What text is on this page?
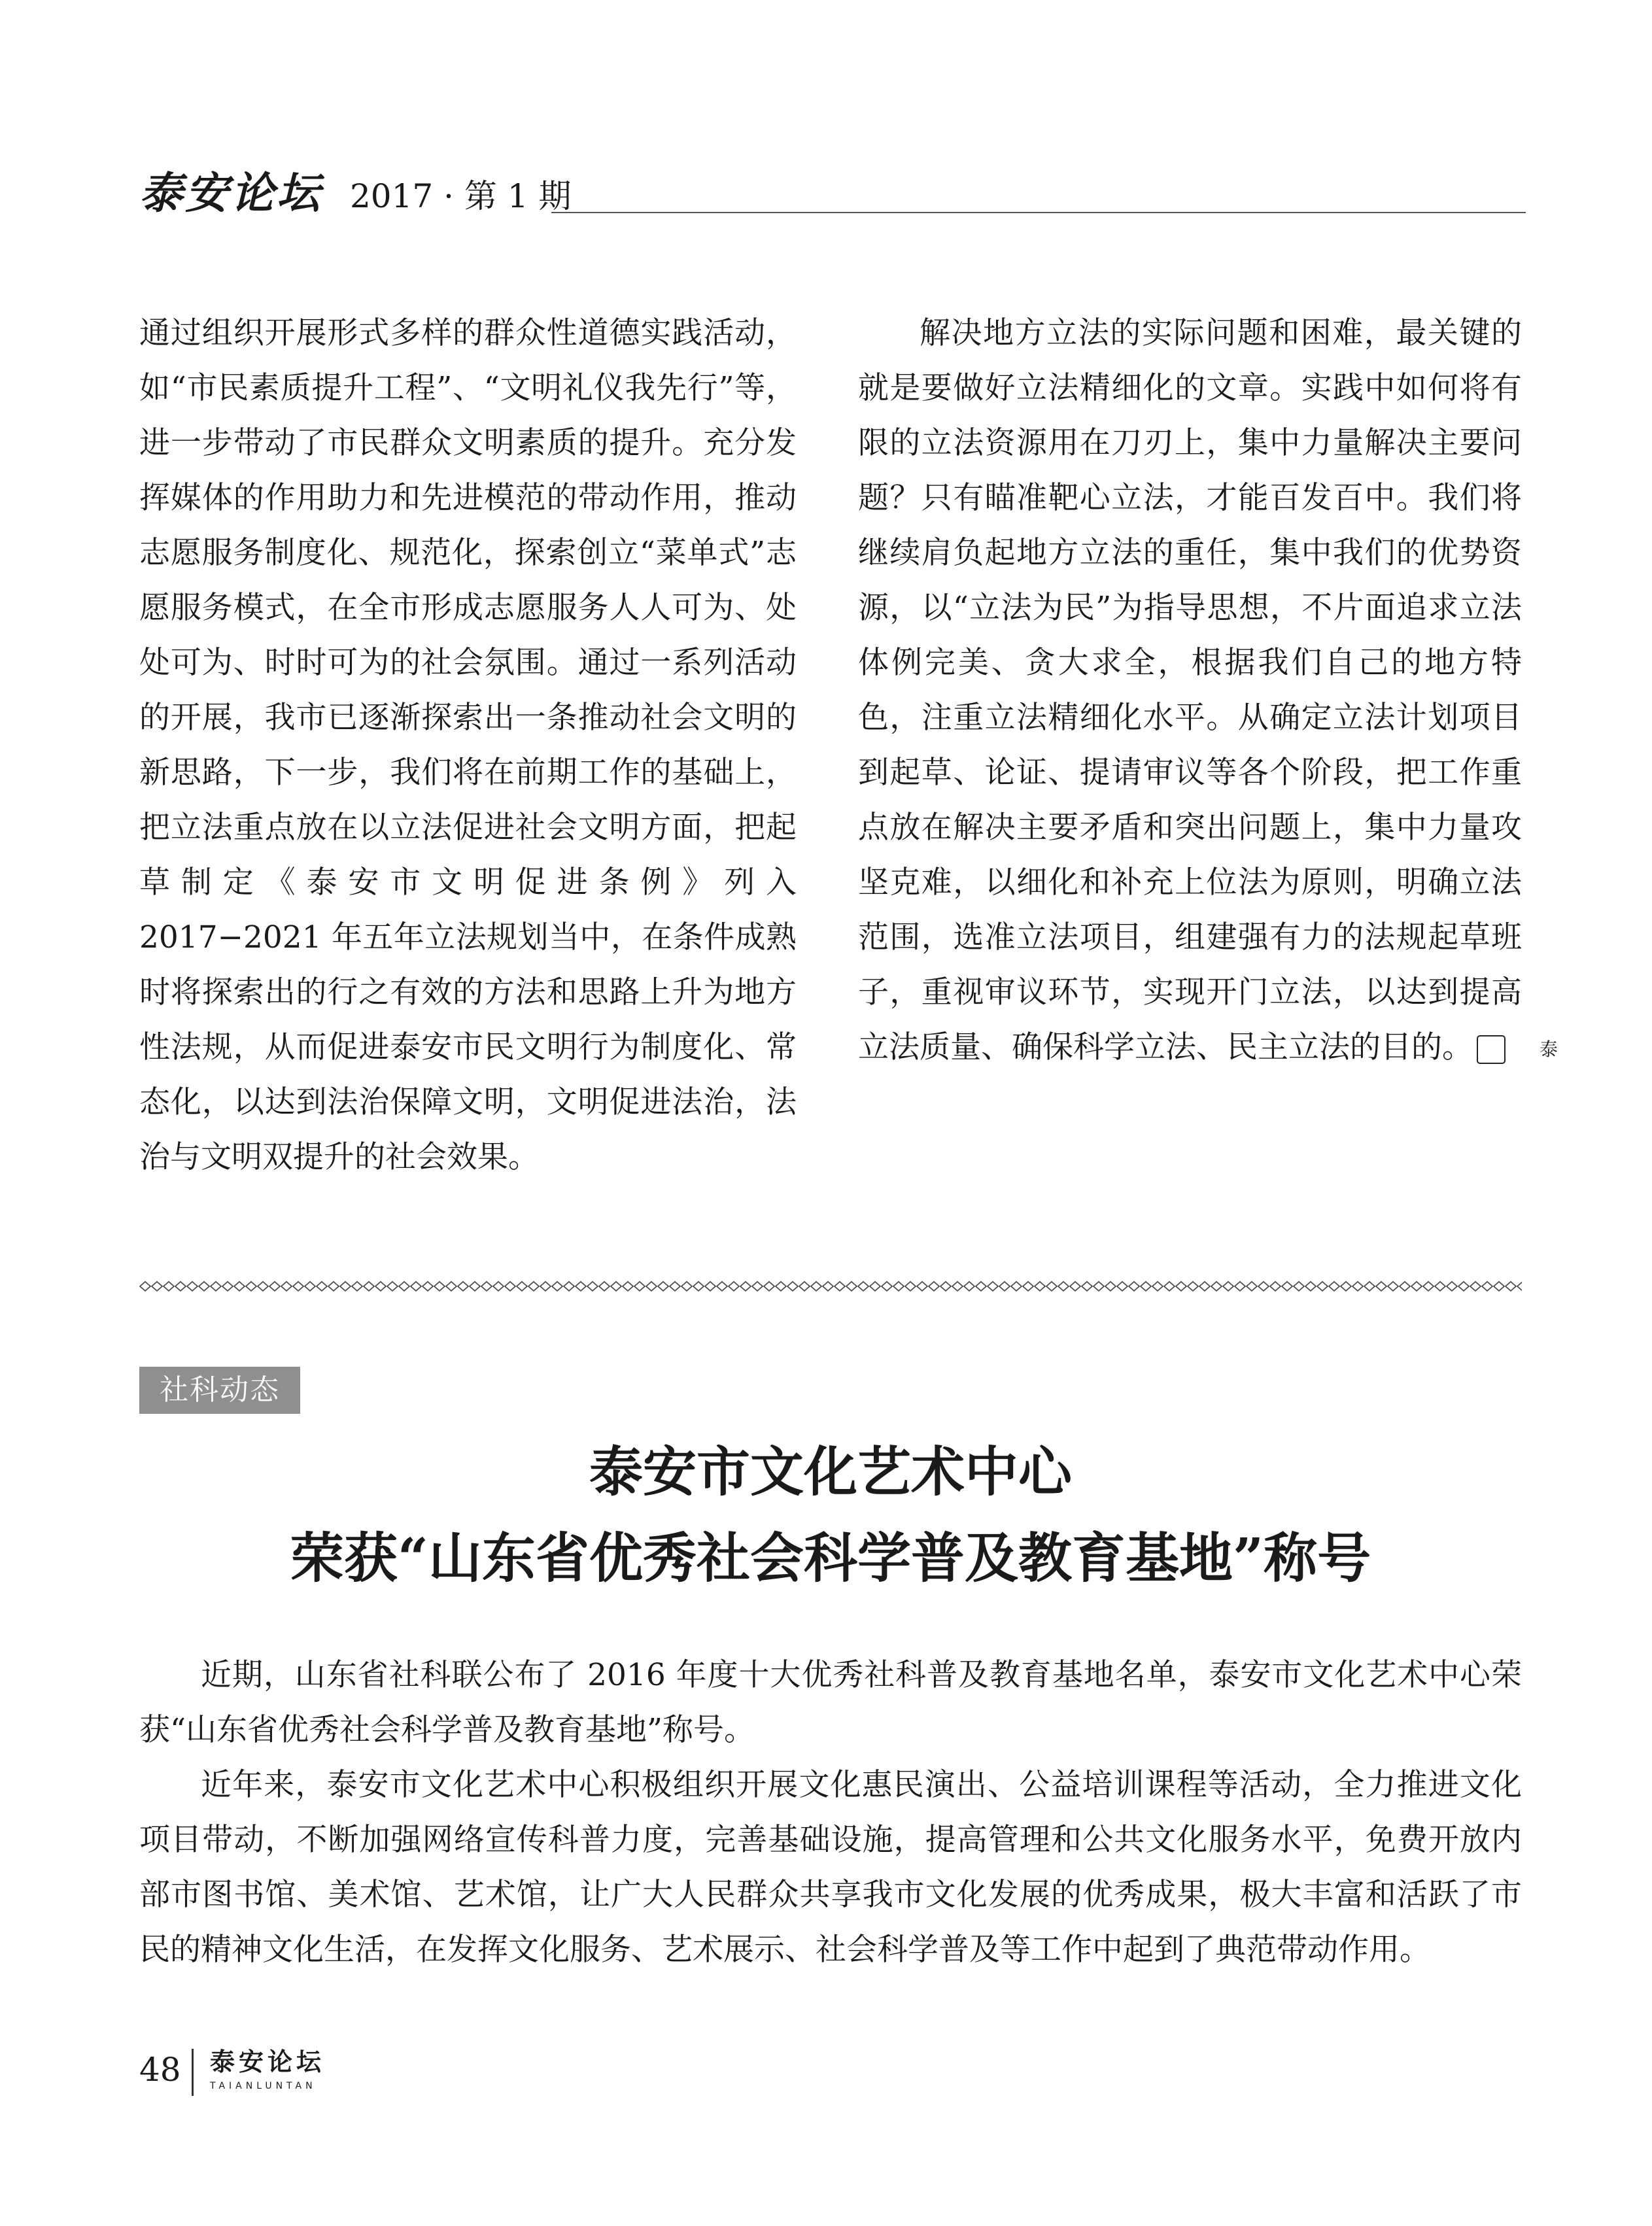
泰安论坛 2017 · 第 1 期

通过组织开展形式多样的群众性道德实践活动，如“市民素质提升工程”、“文明礼仪我先行”等，进一步带动了市民群众文明素质的提升。充分发挥媒体的作用助力和先进模范的带动作用，推动志愿服务制度化、规范化，探索创立“菜单式”志愿服务模式，在全市形成志愿服务人人可为、处处可为、时时可为的社会氛围。通过一系列活动的开展，我市已逐渐探索出一条推动社会文明的新思路，下一步，我们将在前期工作的基础上，把立法重点放在以立法促进社会文明方面，把起草制定《泰安市文明促进条例》列入 2017−2021 年五年立法规划当中，在条件成熟时将探索出的行之有效的方法和思路上升为地方性法规，从而促进泰安市民文明行为制度化、常态化，以达到法治保障文明，文明促进法治，法治与文明双提升的社会效果。

解决地方立法的实际问题和困难，最关键的就是要做好立法精细化的文章。实践中如何将有限的立法资源用在刀刃上，集中力量解决主要问题？只有瞄准靶心立法，才能百发百中。我们将继续肩负起地方立法的重任，集中我们的优势资源，以“立法为民”为指导思想，不片面追求立法体例完美、贪大求全，根据我们自己的地方特色，注重立法精细化水平。从确定立法计划项目到起草、论证、提请审议等各个阶段，把工作重点放在解决主要矛盾和突出问题上，集中力量攻坚克难，以细化和补充上位法为原则，明确立法范围，选准立法项目，组建强有力的法规起草班子，重视审议环节，实现开门立法，以达到提高立法质量、确保科学立法、民主立法的目的。	泰

社科动态
泰安市文化艺术中心
荣获“山东省优秀社会科学普及教育基地”称号

近期，山东省社科联公布了 2016 年度十大优秀社科普及教育基地名单，泰安市文化艺术中心荣获“山东省优秀社会科学普及教育基地”称号。

近年来，泰安市文化艺术中心积极组织开展文化惠民演出、公益培训课程等活动，全力推进文化项目带动，不断加强网络宣传科普力度，完善基础设施，提高管理和公共文化服务水平，免费开放内部市图书馆、美术馆、艺术馆，让广大人民群众共享我市文化发展的优秀成果，极大丰富和活跃了市民的精神文化生活，在发挥文化服务、艺术展示、社会科学普及等工作中起到了典范带动作用。

48 泰安论坛
TAIANLUNTAN
